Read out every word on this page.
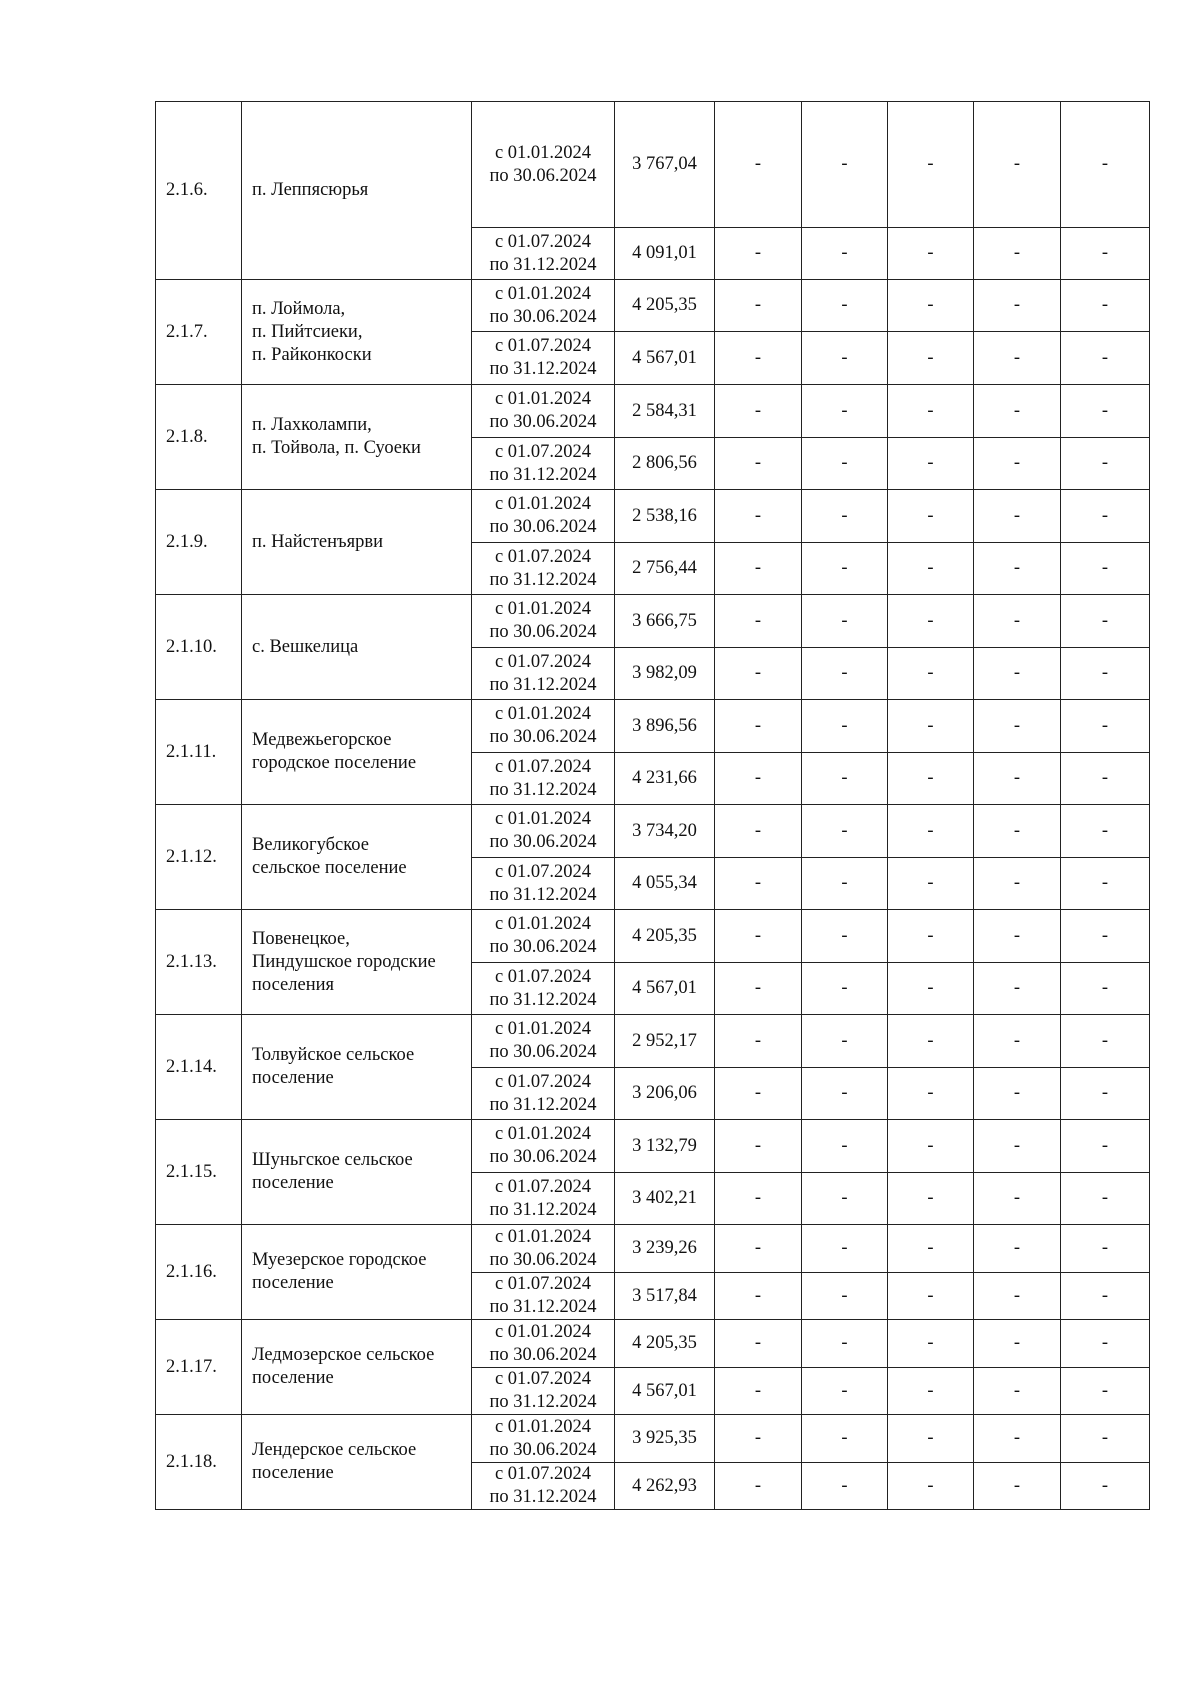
2.1.6.	п. Леппясюрья	с 01.01.2024
по 30.06.2024	3 767,04	-	-	-	-	-

		с 01.07.2024
по 31.12.2024	4 091,01	-	-	-	-	-
2.1.7.	п. Лоймола,
п. Пийтсиеки,
п. Райконкоски	с 01.01.2024
по 30.06.2024	4 205,35	-	-	-	-	-

		с 01.07.2024
по 31.12.2024	4 567,01	-	-	-	-	-
2.1.8.	п. Лахколампи,
п. Тойвола, п. Суоеки	с 01.01.2024
по 30.06.2024	2 584,31	-	-	-	-	-

		с 01.07.2024
по 31.12.2024	2 806,56	-	-	-	-	-
2.1.9.	п. Найстенъярви	с 01.01.2024
по 30.06.2024	2 538,16	-	-	-	-	-

		с 01.07.2024
по 31.12.2024	2 756,44	-	-	-	-	-
2.1.10.	с. Вешкелица	с 01.01.2024
по 30.06.2024	3 666,75	-	-	-	-	-

		с 01.07.2024
по 31.12.2024	3 982,09	-	-	-	-	-
2.1.11.	Медвежьегорское
городское поселение	с 01.01.2024
по 30.06.2024	3 896,56	-	-	-	-	-

		с 01.07.2024
по 31.12.2024	4 231,66	-	-	-	-	-
2.1.12.	Великогубское
сельское поселение	с 01.01.2024
по 30.06.2024	3 734,20	-	-	-	-	-

		с 01.07.2024
по 31.12.2024	4 055,34	-	-	-	-	-
2.1.13.	Повенецкое,
Пиндушское городские
поселения	с 01.01.2024
по 30.06.2024	4 205,35	-	-	-	-	-

		с 01.07.2024
по 31.12.2024	4 567,01	-	-	-	-	-
2.1.14.	Толвуйское сельское
поселение	с 01.01.2024
по 30.06.2024	2 952,17	-	-	-	-	-

		с 01.07.2024
по 31.12.2024	3 206,06	-	-	-	-	-
2.1.15.	Шуньгское сельское
поселение	с 01.01.2024
по 30.06.2024	3 132,79	-	-	-	-	-

		с 01.07.2024
по 31.12.2024	3 402,21	-	-	-	-	-
2.1.16.	Муезерское городское
поселение	с 01.01.2024
по 30.06.2024	3 239,26	-	-	-	-	-

		с 01.07.2024
по 31.12.2024	3 517,84	-	-	-	-	-
2.1.17.	Ледмозерское сельское
поселение	с 01.01.2024
по 30.06.2024	4 205,35	-	-	-	-	-

		с 01.07.2024
по 31.12.2024	4 567,01	-	-	-	-	-
2.1.18.	Лендерское сельское
поселение	с 01.01.2024
по 30.06.2024	3 925,35	-	-	-	-	-

		с 01.07.2024
по 31.12.2024	4 262,93	-	-	-	-	-
